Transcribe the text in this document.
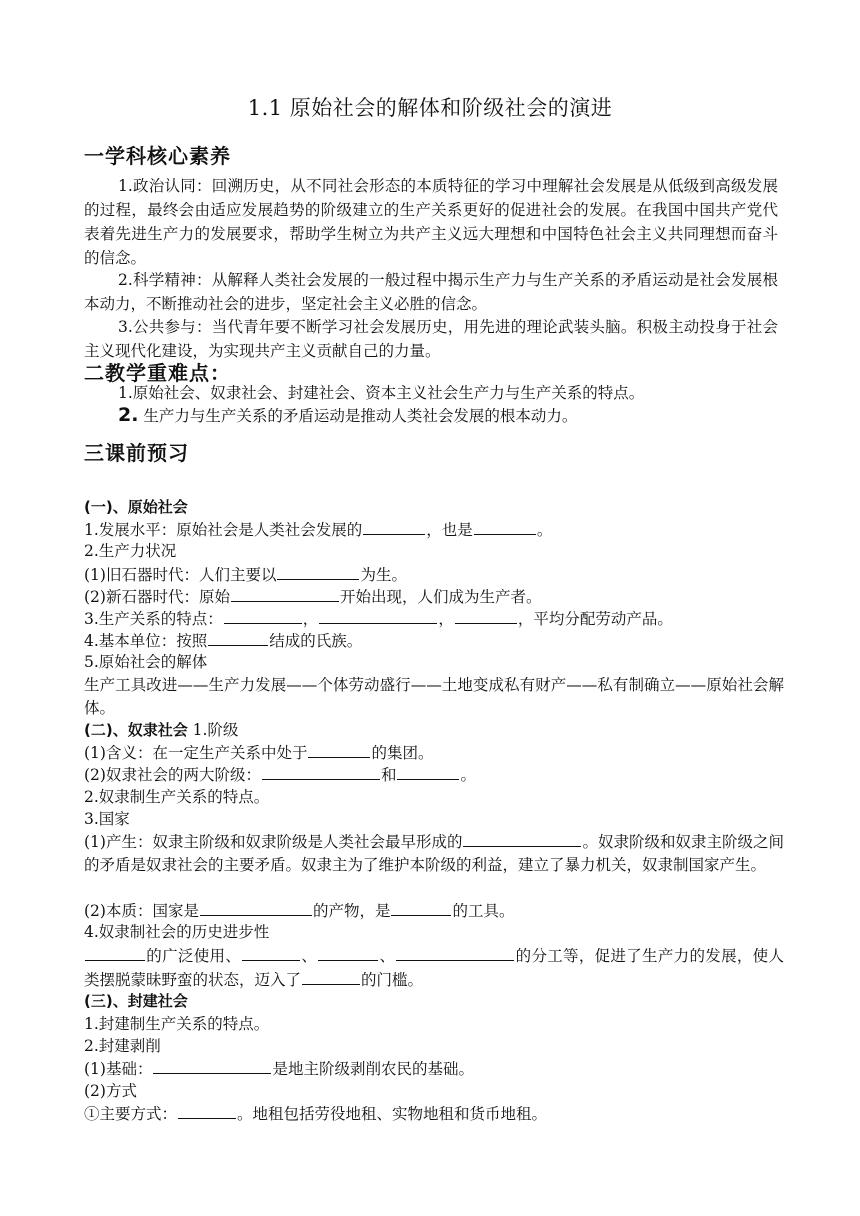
1.1 原始社会的解体和阶级社会的演进
一学科核心素养
1.政治认同：回溯历史，从不同社会形态的本质特征的学习中理解社会发展是从低级到高级发展的过程，最终会由适应发展趋势的阶级建立的生产关系更好的促进社会的发展。在我国中国共产党代表着先进生产力的发展要求，帮助学生树立为共产主义远大理想和中国特色社会主义共同理想而奋斗的信念。
2.科学精神：从解释人类社会发展的一般过程中揭示生产力与生产关系的矛盾运动是社会发展根本动力，不断推动社会的进步，坚定社会主义必胜的信念。
3.公共参与：当代青年要不断学习社会发展历史，用先进的理论武装头脑。积极主动投身于社会主义现代化建设，为实现共产主义贡献自己的力量。
二教学重难点：
1.原始社会、奴隶社会、封建社会、资本主义社会生产力与生产关系的特点。
2. 生产力与生产关系的矛盾运动是推动人类社会发展的根本动力。
三课前预习
(一)、原始社会
1.发展水平：原始社会是人类社会发展的	，也是	。
2.生产力状况
(1)旧石器时代：人们主要以	为生。
(2)新石器时代：原始	开始出现，人们成为生产者。
3.生产关系的特点：	，	，	，平均分配劳动产品。
4.基本单位：按照	结成的氏族。
5.原始社会的解体
生产工具改进——生产力发展——个体劳动盛行——土地变成私有财产——私有制确立——原始社会解体。
(二)、奴隶社会 1.阶级
(1)含义：在一定生产关系中处于	的集团。
(2)奴隶社会的两大阶级：	和	。
2.奴隶制生产关系的特点。
3.国家
(1)产生：奴隶主阶级和奴隶阶级是人类社会最早形成的	。奴隶阶级和奴隶主阶级之间的矛盾是奴隶社会的主要矛盾。奴隶主为了维护本阶级的利益，建立了暴力机关，奴隶制国家产生。
(2)本质：国家是	的产物，是	的工具。
4.奴隶制社会的历史进步性
的广泛使用、	、	、	的分工等，促进了生产力的发展，使人类摆脱蒙昧野蛮的状态，迈入了	的门槛。
(三)、封建社会
1.封建制生产关系的特点。
2.封建剥削
(1)基础：	是地主阶级剥削农民的基础。
(2)方式
①主要方式：	。地租包括劳役地租、实物地租和货币地租。
